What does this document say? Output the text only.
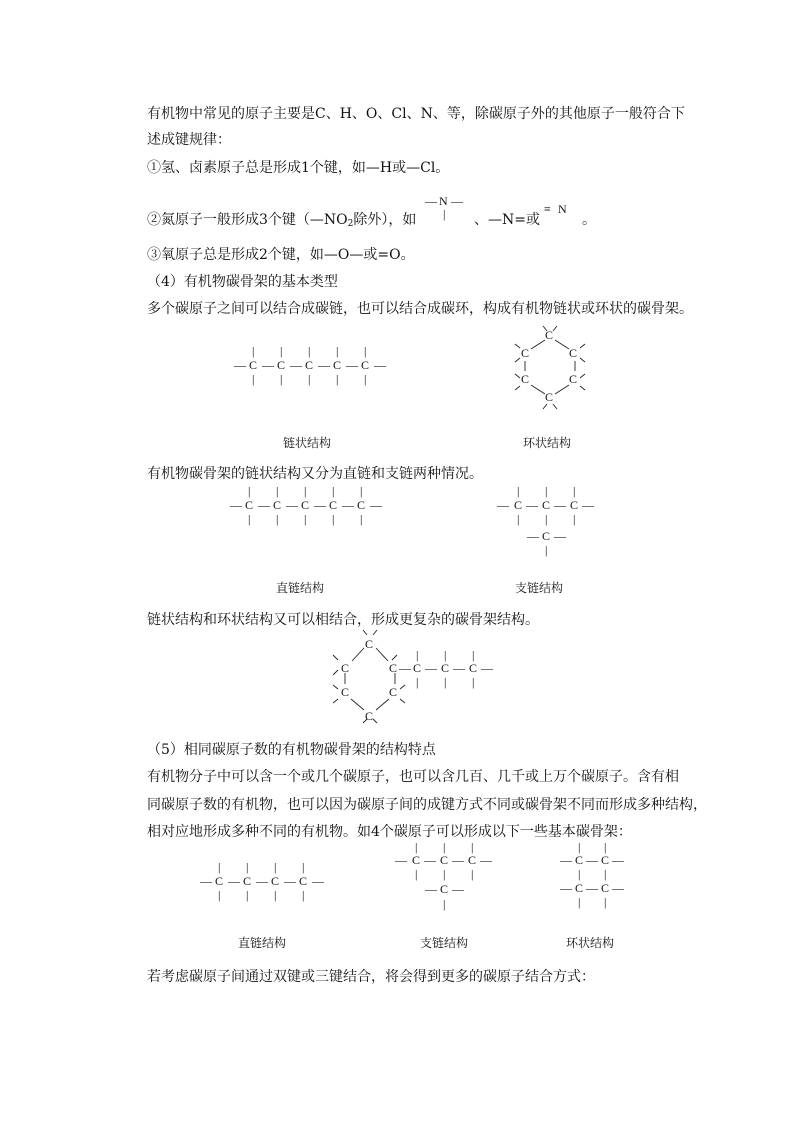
有机物中常见的原子主要是C、H、O、Cl、N、等，除碳原子外的其他原子一般符合下
述成键规律：
①氢、卤素原子总是形成1个键，如—H或—Cl。
②氮原子一般形成3个键（$—NO_2$除外），如
— N —
| 、—N=或
≡ N
。
③氧原子总是形成2个键，如—O—或=O。
（4）有机物碳骨架的基本类型
多个碳原子之间可以结合成碳链，也可以结合成碳环，构成有机物链状或环状的碳骨架。
—
|
C
|
—
|
C
|
—
|
C
|
—
|
C
|
—
|
C
|
—
C
C	C
C	C
C
链状结构	环状结构
有机物碳骨架的链状结构又分为直链和支链两种情况。
—
|
C
|
—
|
C
|
—
|
C
|
—
|
C
|
—
|
C
|
—	—
|
C
|
—
|
C
|
—
|
C
|
—
— C —
|
直链结构	支链结构
链状结构和环状结构又可以相结合，形成更复杂的碳骨架结构。
C
C
C	C
C
C —
|
C
|
—
|
C
|
—
|
C
|
—
（5）相同碳原子数的有机物碳骨架的结构特点
有机物分子中可以含一个或几个碳原子，也可以含几百、几千或上万个碳原子。含有相
同碳原子数的有机物，也可以因为碳原子间的成键方式不同或碳骨架不同而形成多种结构，
相对应地形成多种不同的有机物。如4个碳原子可以形成以下一些基本碳骨架：
—
|
C
|
—
|
C
|
—
|
C
|
—
|
C
|
—
—
|
C
|
—
|
C
|
—
|
C
|
—
— C —
|
—
|
C —
|
C —
| |
— C — C —
| |
直链结构	支链结构	环状结构
若考虑碳原子间通过双键或三键结合，将会得到更多的碳原子结合方式：
